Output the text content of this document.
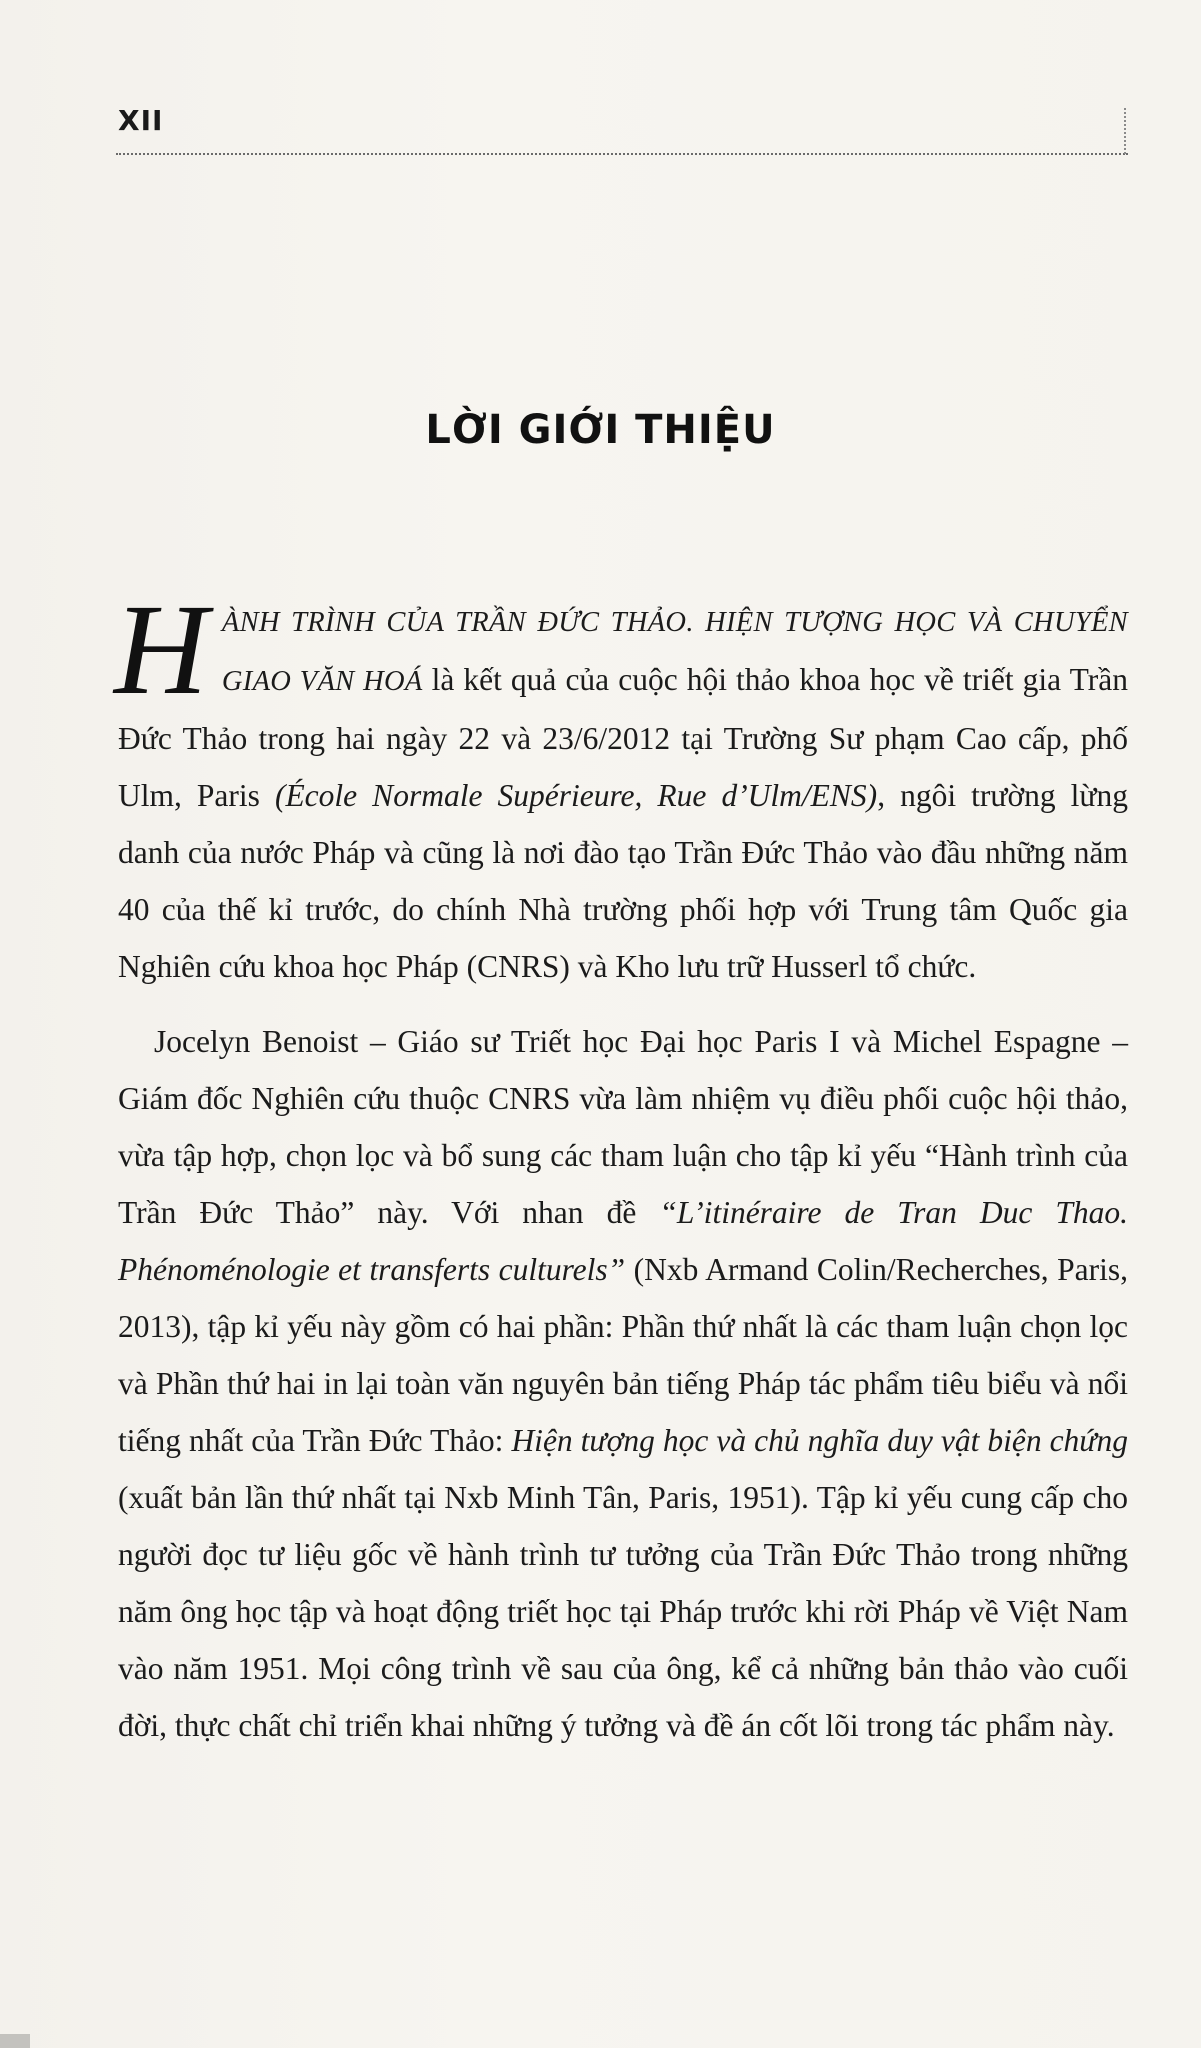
XII
LỜI GIỚI THIỆU

HÀNH TRÌNH CỦA TRẦN ĐỨC THẢO. HIỆN TƯỢNG HỌC VÀ CHUYỂN GIAO VĂN HOÁ là kết quả của cuộc hội thảo khoa học về triết gia Trần Đức Thảo trong hai ngày 22 và 23/6/2012 tại Trường Sư phạm Cao cấp, phố Ulm, Paris (École Normale Supérieure, Rue d’Ulm/ENS), ngôi trường lừng danh của nước Pháp và cũng là nơi đào tạo Trần Đức Thảo vào đầu những năm 40 của thế kỉ trước, do chính Nhà trường phối hợp với Trung tâm Quốc gia Nghiên cứu khoa học Pháp (CNRS) và Kho lưu trữ Husserl tổ chức.

Jocelyn Benoist – Giáo sư Triết học Đại học Paris I và Michel Espagne – Giám đốc Nghiên cứu thuộc CNRS vừa làm nhiệm vụ điều phối cuộc hội thảo, vừa tập hợp, chọn lọc và bổ sung các tham luận cho tập kỉ yếu “Hành trình của Trần Đức Thảo” này. Với nhan đề “L’itinéraire de Tran Duc Thao. Phénoménologie et transferts culturels” (Nxb Armand Colin/Recherches, Paris, 2013), tập kỉ yếu này gồm có hai phần: Phần thứ nhất là các tham luận chọn lọc và Phần thứ hai in lại toàn văn nguyên bản tiếng Pháp tác phẩm tiêu biểu và nổi tiếng nhất của Trần Đức Thảo: Hiện tượng học và chủ nghĩa duy vật biện chứng (xuất bản lần thứ nhất tại Nxb Minh Tân, Paris, 1951). Tập kỉ yếu cung cấp cho người đọc tư liệu gốc về hành trình tư tưởng của Trần Đức Thảo trong những năm ông học tập và hoạt động triết học tại Pháp trước khi rời Pháp về Việt Nam vào năm 1951. Mọi công trình về sau của ông, kể cả những bản thảo vào cuối đời, thực chất chỉ triển khai những ý tưởng và đề án cốt lõi trong tác phẩm này.
